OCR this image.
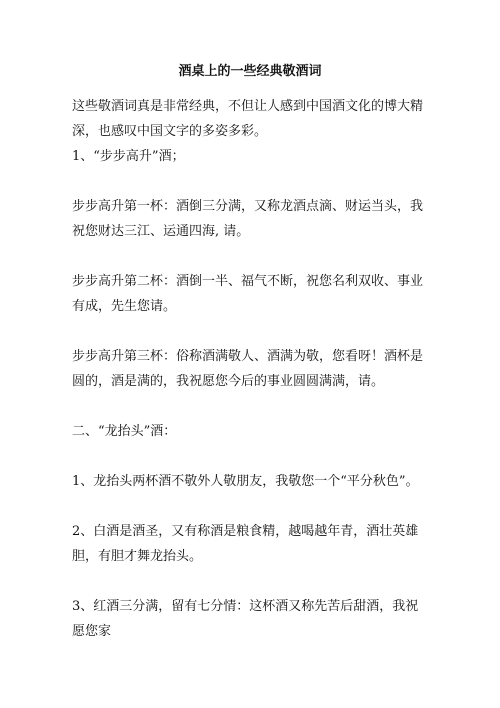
酒桌上的一些经典敬酒词

这些敬酒词真是非常经典，不但让人感到中国酒文化的博大精深，也感叹中国文字的多姿多彩。

1、“步步高升”酒；

步步高升第一杯：酒倒三分满，又称龙酒点滴、财运当头，我祝您财达三江、运通四海, 请。

步步高升第二杯：酒倒一半、福气不断，祝您名利双收、事业有成，先生您请。

步步高升第三杯：俗称酒满敬人、酒满为敬，您看呀！酒杯是圆的，酒是满的，我祝愿您今后的事业圆圆满满，请。

二、“龙抬头”酒：

1、龙抬头两杯酒不敬外人敬朋友，我敬您一个“平分秋色”。

2、白酒是酒圣，又有称酒是粮食精，越喝越年青，酒壮英雄胆，有胆才舞龙抬头。

3、红酒三分满，留有七分情：这杯酒又称先苦后甜酒，我祝愿您家
